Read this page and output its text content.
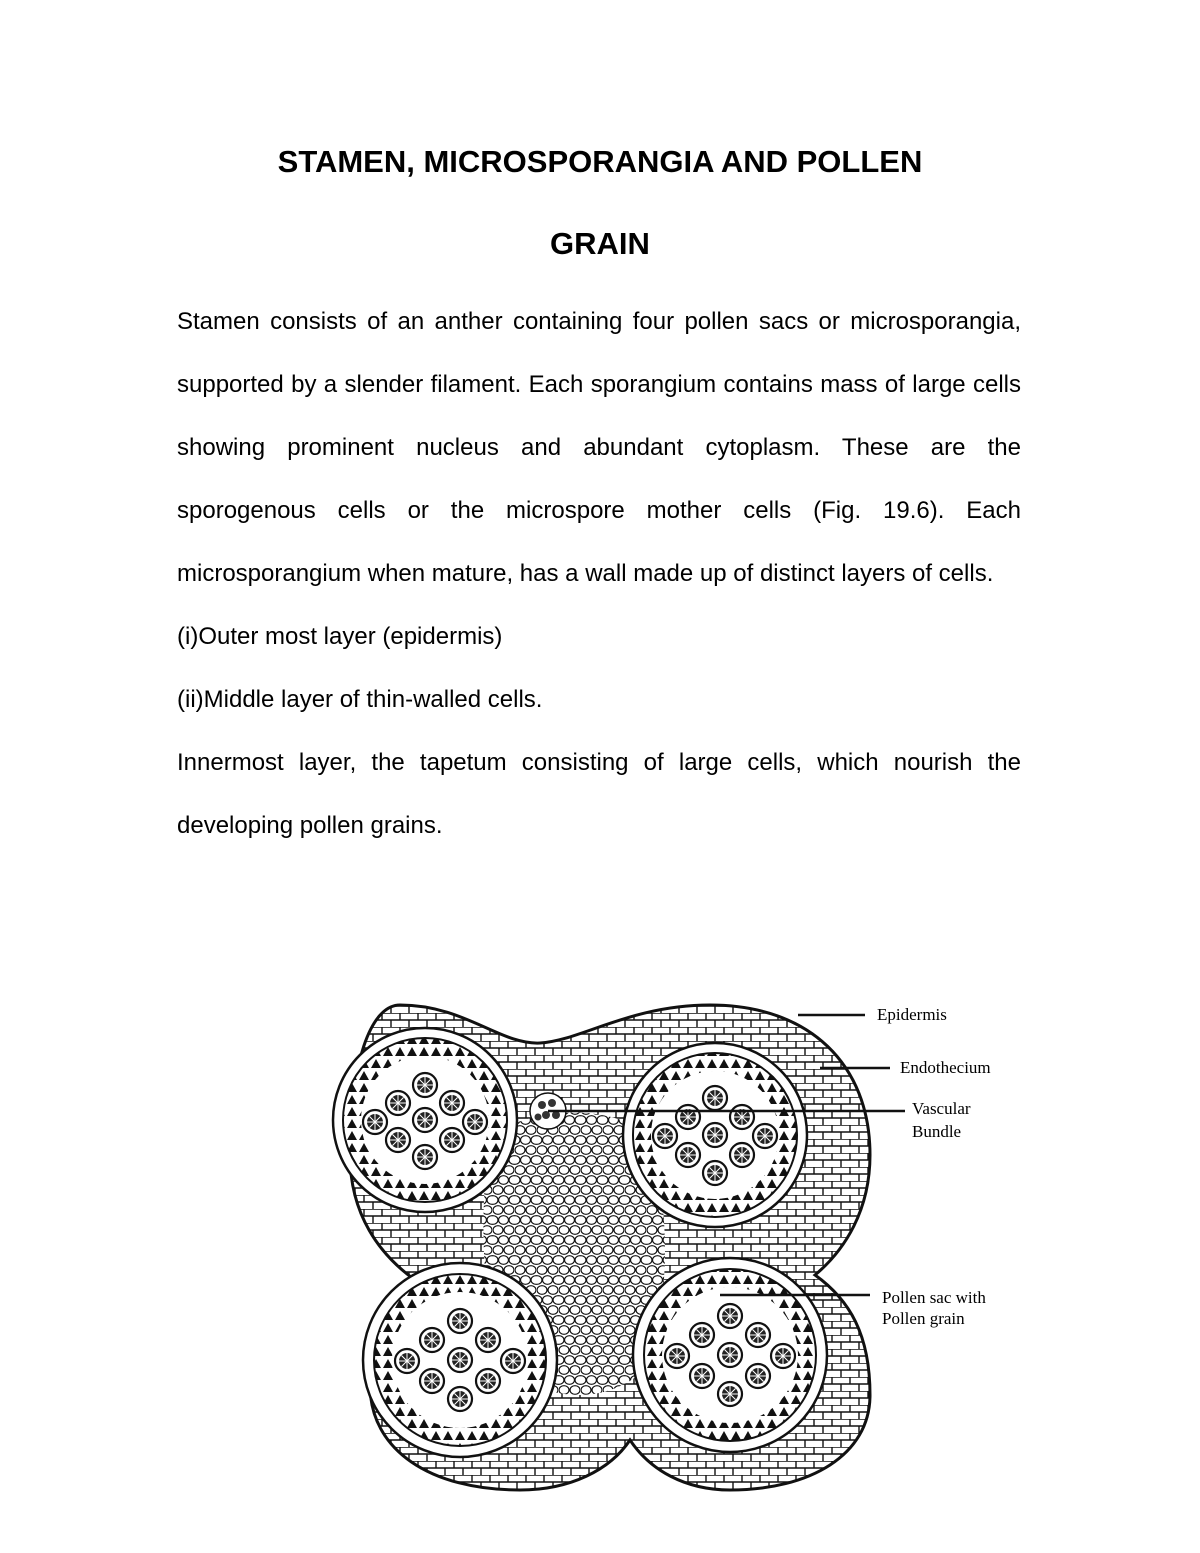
STAMEN, MICROSPORANGIA AND POLLEN
GRAIN

Stamen consists of an anther containing four pollen sacs or microsporangia, supported by a slender filament. Each sporangium contains mass of large cells showing prominent nucleus and abundant cytoplasm. These are the sporogenous cells or the microspore mother cells (Fig. 19.6). Each microsporangium when mature, has a wall made up of distinct layers of cells.

(i)Outer most layer (epidermis)

(ii)Middle layer of thin-walled cells.

Innermost layer, the tapetum consisting of large cells, which nourish the developing pollen grains.

Epidermis
Endothecium
Vascular
Bundle
Pollen sac with
Pollen grain
